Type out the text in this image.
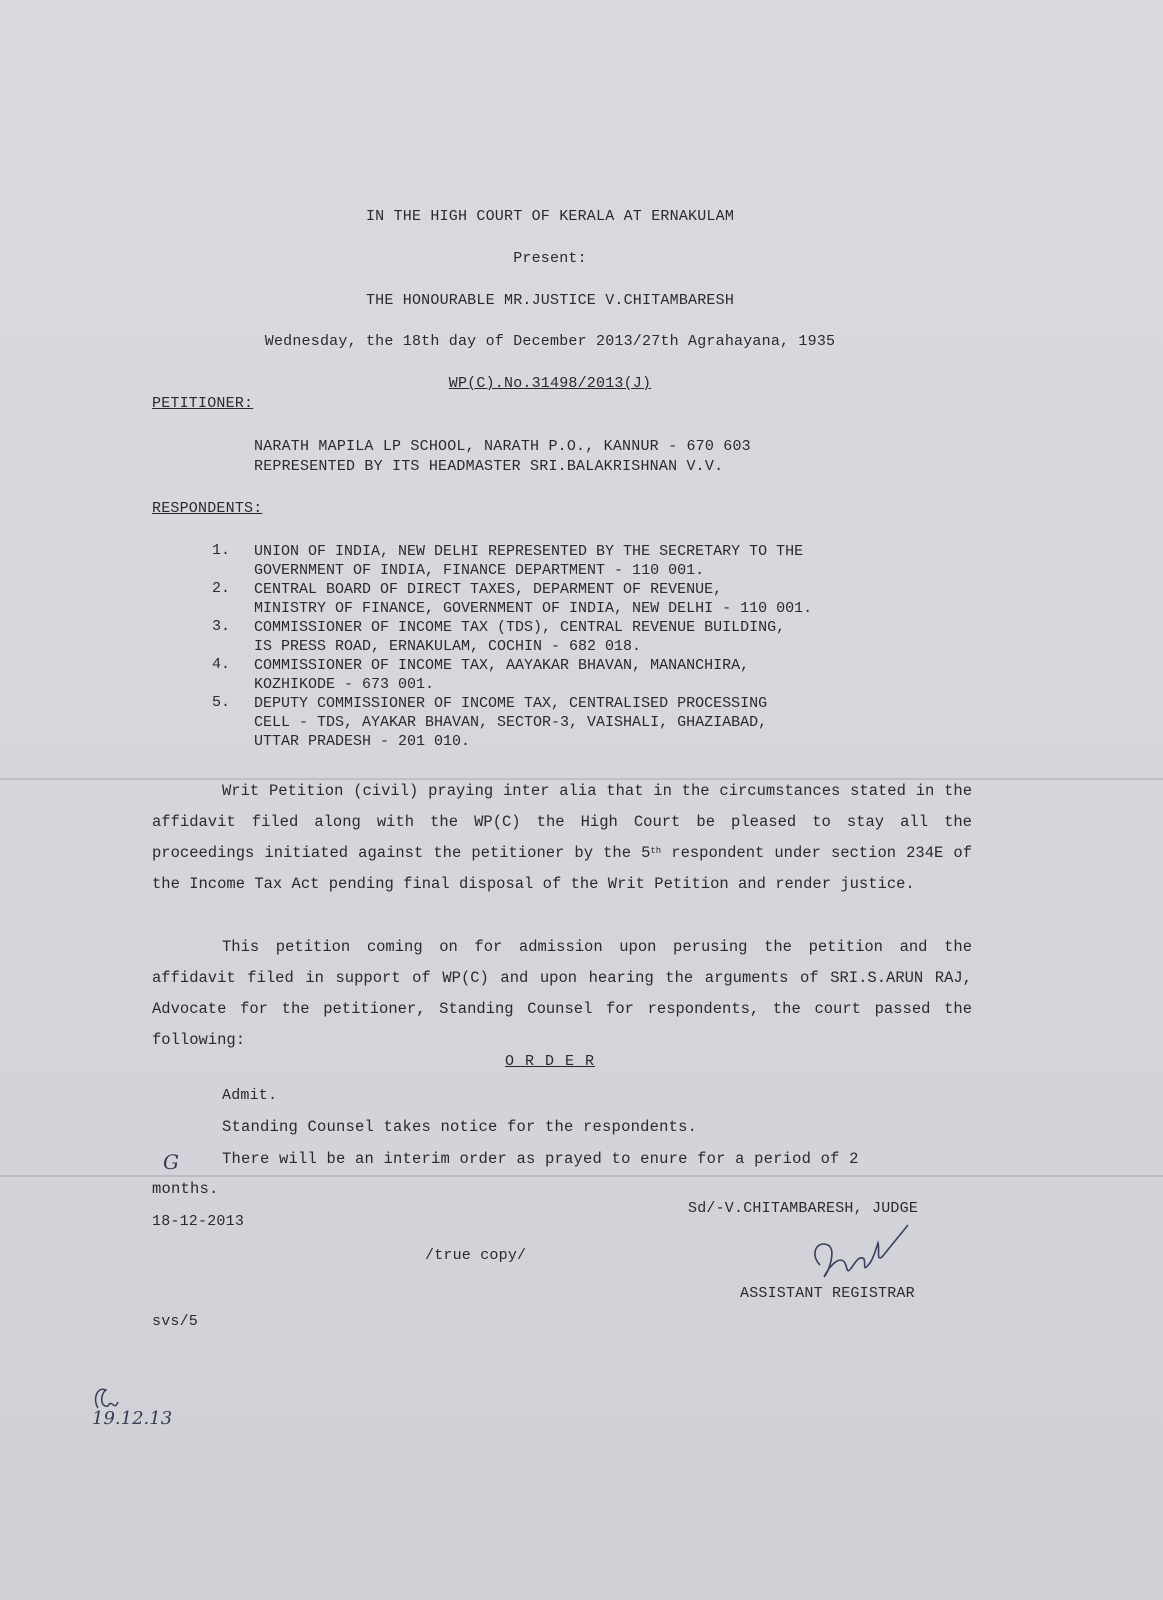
IN THE HIGH COURT OF KERALA AT ERNAKULAM
Present:
THE HONOURABLE MR.JUSTICE V.CHITAMBARESH
Wednesday, the 18th day of December 2013/27th Agrahayana, 1935
WP(C).No.31498/2013(J)
PETITIONER:
NARATH MAPILA LP SCHOOL, NARATH P.O., KANNUR - 670 603
REPRESENTED BY ITS HEADMASTER SRI.BALAKRISHNAN V.V.
RESPONDENTS:
1. UNION OF INDIA, NEW DELHI REPRESENTED BY THE SECRETARY TO THE
GOVERNMENT OF INDIA, FINANCE DEPARTMENT - 110 001.
2. CENTRAL BOARD OF DIRECT TAXES, DEPARMENT OF REVENUE,
MINISTRY OF FINANCE, GOVERNMENT OF INDIA, NEW DELHI - 110 001.
3. COMMISSIONER OF INCOME TAX (TDS), CENTRAL REVENUE BUILDING,
IS PRESS ROAD, ERNAKULAM, COCHIN - 682 018.
4. COMMISSIONER OF INCOME TAX, AAYAKAR BHAVAN, MANANCHIRA,
KOZHIKODE - 673 001.
5. DEPUTY COMMISSIONER OF INCOME TAX, CENTRALISED PROCESSING
CELL - TDS, AYAKAR BHAVAN, SECTOR-3, VAISHALI, GHAZIABAD,
UTTAR PRADESH - 201 010.
Writ Petition (civil) praying inter alia that in the circumstances stated in the affidavit filed along with the WP(C) the High Court be pleased to stay all the proceedings initiated against the petitioner by the 5th respondent under section 234E of the Income Tax Act pending final disposal of the Writ Petition and render justice.
This petition coming on for admission upon perusing the petition and the affidavit filed in support of WP(C) and upon hearing the arguments of SRI.S.ARUN RAJ, Advocate for the petitioner, Standing Counsel for respondents, the court passed the following:
O R D E R
Admit.
Standing Counsel takes notice for the respondents.
There will be an interim order as prayed to enure for a period of 2
months.
G
18-12-2013
Sd/-V.CHITAMBARESH, JUDGE
/true copy/
ASSISTANT REGISTRAR
svs/5
19.12.13
